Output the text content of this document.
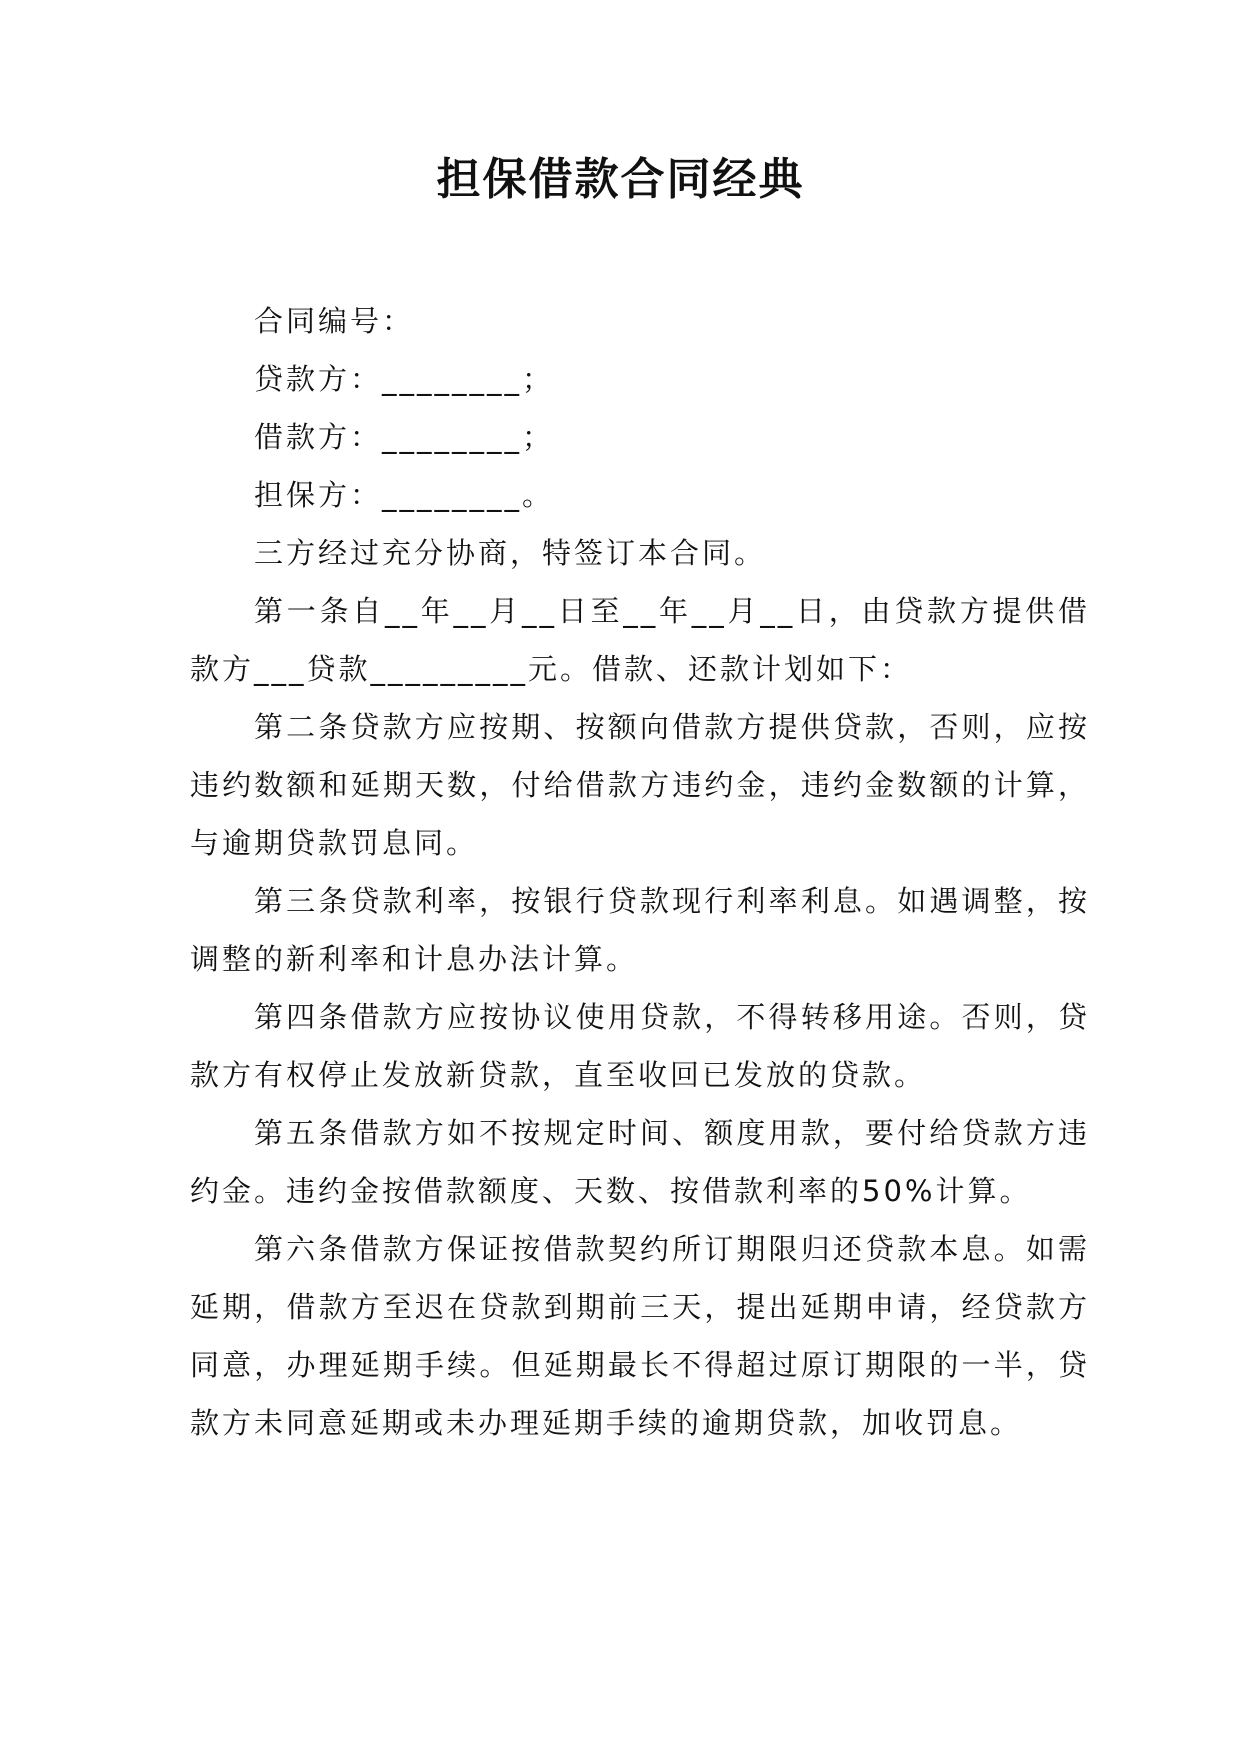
担保借款合同经典

合同编号：

贷款方：________；

借款方：________；

担保方：________。

三方经过充分协商，特签订本合同。

第一条自__年__月__日至__年__月__日，由贷款方提供借款方___贷款_________元。借款、还款计划如下：

第二条贷款方应按期、按额向借款方提供贷款，否则，应按违约数额和延期天数，付给借款方违约金，违约金数额的计算，与逾期贷款罚息同。

第三条贷款利率，按银行贷款现行利率利息。如遇调整，按调整的新利率和计息办法计算。

第四条借款方应按协议使用贷款，不得转移用途。否则，贷款方有权停止发放新贷款，直至收回已发放的贷款。

第五条借款方如不按规定时间、额度用款，要付给贷款方违约金。违约金按借款额度、天数、按借款利率的50%计算。

第六条借款方保证按借款契约所订期限归还贷款本息。如需延期，借款方至迟在贷款到期前三天，提出延期申请，经贷款方同意，办理延期手续。但延期最长不得超过原订期限的一半，贷款方未同意延期或未办理延期手续的逾期贷款，加收罚息。
